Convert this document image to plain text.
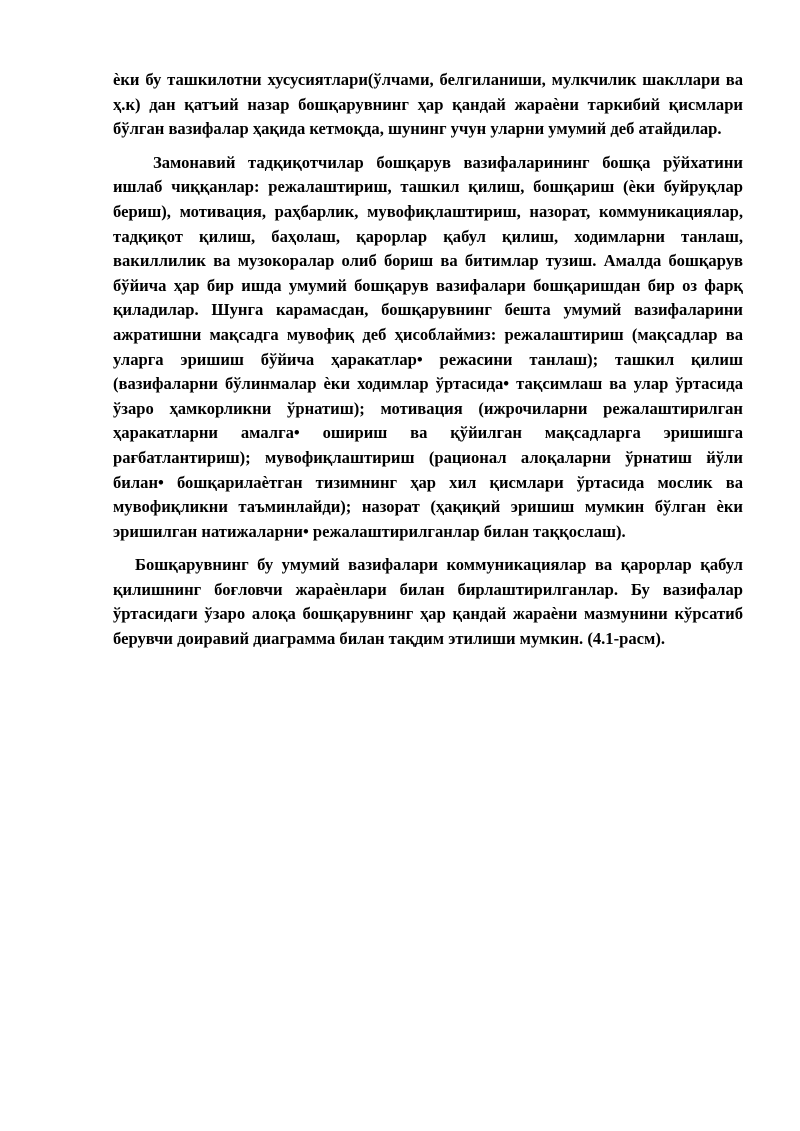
ѐки бу ташкилотни хусусиятлари(ўлчами, белгиланиши, мулкчилик шакллари ва ҳ.к) дан қатъий назар бошқарувнинг ҳар қандай жараѐни таркибий қисмлари бўлган вазифалар ҳақида кетмоқда, шунинг учун уларни умумий деб атайдилар.

Замонавий тадқиқотчилар бошқарув вазифаларининг бошқа рўйхатини ишлаб чиққанлар: режалаштириш, ташкил қилиш, бошқариш (ѐки буйруқлар бериш), мотивация, раҳбарлик, мувофиқлаштириш, назорат, коммуникациялар, тадқиқот қилиш, баҳолаш, қарорлар қабул қилиш, ходимларни танлаш, вакиллилик ва музокоралар олиб бориш ва битимлар тузиш. Амалда бошқарув бўйича ҳар бир ишда умумий бошқарув вазифалари бошқаришдан бир оз фарқ қиладилар. Шунга карамасдан, бошқарувнинг бешта умумий вазифаларини ажратишни мақсадга мувофиқ деб ҳисоблаймиз: режалаштириш (мақсадлар ва уларга эришиш бўйича ҳаракатлар• режасини танлаш); ташкил қилиш (вазифаларни бўлинмалар ѐки ходимлар ўртасида• тақсимлаш ва улар ўртасида ўзаро ҳамкорликни ўрнатиш); мотивация (ижрочиларни режалаштирилган ҳаракатларни амалга• ошириш ва қўйилган мақсадларга эришишга рағбатлантириш); мувофиқлаштириш (рационал алоқаларни ўрнатиш йўли билан• бошқарилаѐтган тизимнинг ҳар хил қисмлари ўртасида мослик ва мувофиқликни таъминлайди); назорат (ҳақиқий эришиш мумкин бўлган ѐки эришилган натижаларни• режалаштирилганлар билан таққослаш).

Бошқарувнинг бу умумий вазифалари коммуникациялар ва қарорлар қабул қилишнинг боғловчи жараѐнлари билан бирлаштирилганлар. Бу вазифалар ўртасидаги ўзаро алоқа бошқарувнинг ҳар қандай жараѐни мазмунини кўрсатиб берувчи доиравий диаграмма билан тақдим этилиши мумкин. (4.1-расм).
